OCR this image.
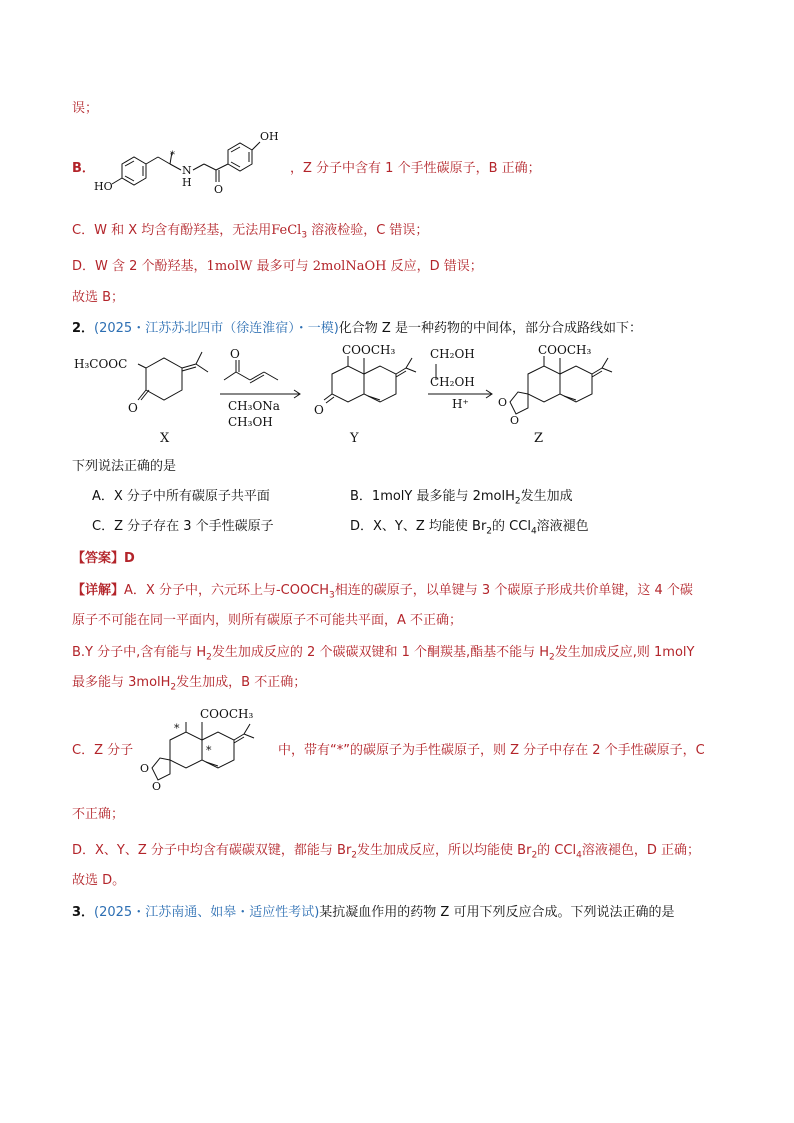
误；
B．
HO
OH
N
H
O
*
，Z 分子中含有 1 个手性碳原子，B 正确；
C．W 和 X 均含有酚羟基，无法用FeCl$_3$ 溶液检验，C 错误；
D．W 含 2 个酚羟基，1molW 最多可与 2molNaOH 反应，D 错误；
故选 B；
2．(2025・江苏苏北四市（徐连淮宿）・一模)化合物 Z 是一种药物的中间体，部分合成路线如下：
H₃COOC
O
X
O
CH₃ONa
CH₃OH
COOCH₃
O
Y
CH₂OH
CH₂OH
H⁺
COOCH₃
O
O
Z
下列说法正确的是
A．X 分子中所有碳原子共平面	B．1molY 最多能与 2molH$_2$发生加成
C．Z 分子存在 3 个手性碳原子	D．X、Y、Z 均能使 $Br_2$的 CCl$_4$溶液褪色
【答案】D
【详解】A．X 分子中，六元环上与$-COOCH_3$相连的碳原子，以单键与 3 个碳原子形成共价单键，这 4 个碳
原子不可能在同一平面内，则所有碳原子不可能共平面，A 不正确；
B.Y 分子中,含有能与 $H_2$发生加成反应的 2 个碳碳双键和 1 个酮羰基,酯基不能与 $H_2$发生加成反应,则 1molY
最多能与 3molH$_2$发生加成，B 不正确；
C．Z 分子
COOCH₃
O
O
*
*	中，带有“*”的碳原子为手性碳原子，则 Z 分子中存在 2 个手性碳原子，C
不正确；
D．X、Y、Z 分子中均含有碳碳双键，都能与 $Br_2$发生加成反应，所以均能使 $Br_2$的 CCl$_4$溶液褪色，D 正确；
故选 D。
3．(2025・江苏南通、如皋・适应性考试)某抗凝血作用的药物 Z 可用下列反应合成。下列说法正确的是
